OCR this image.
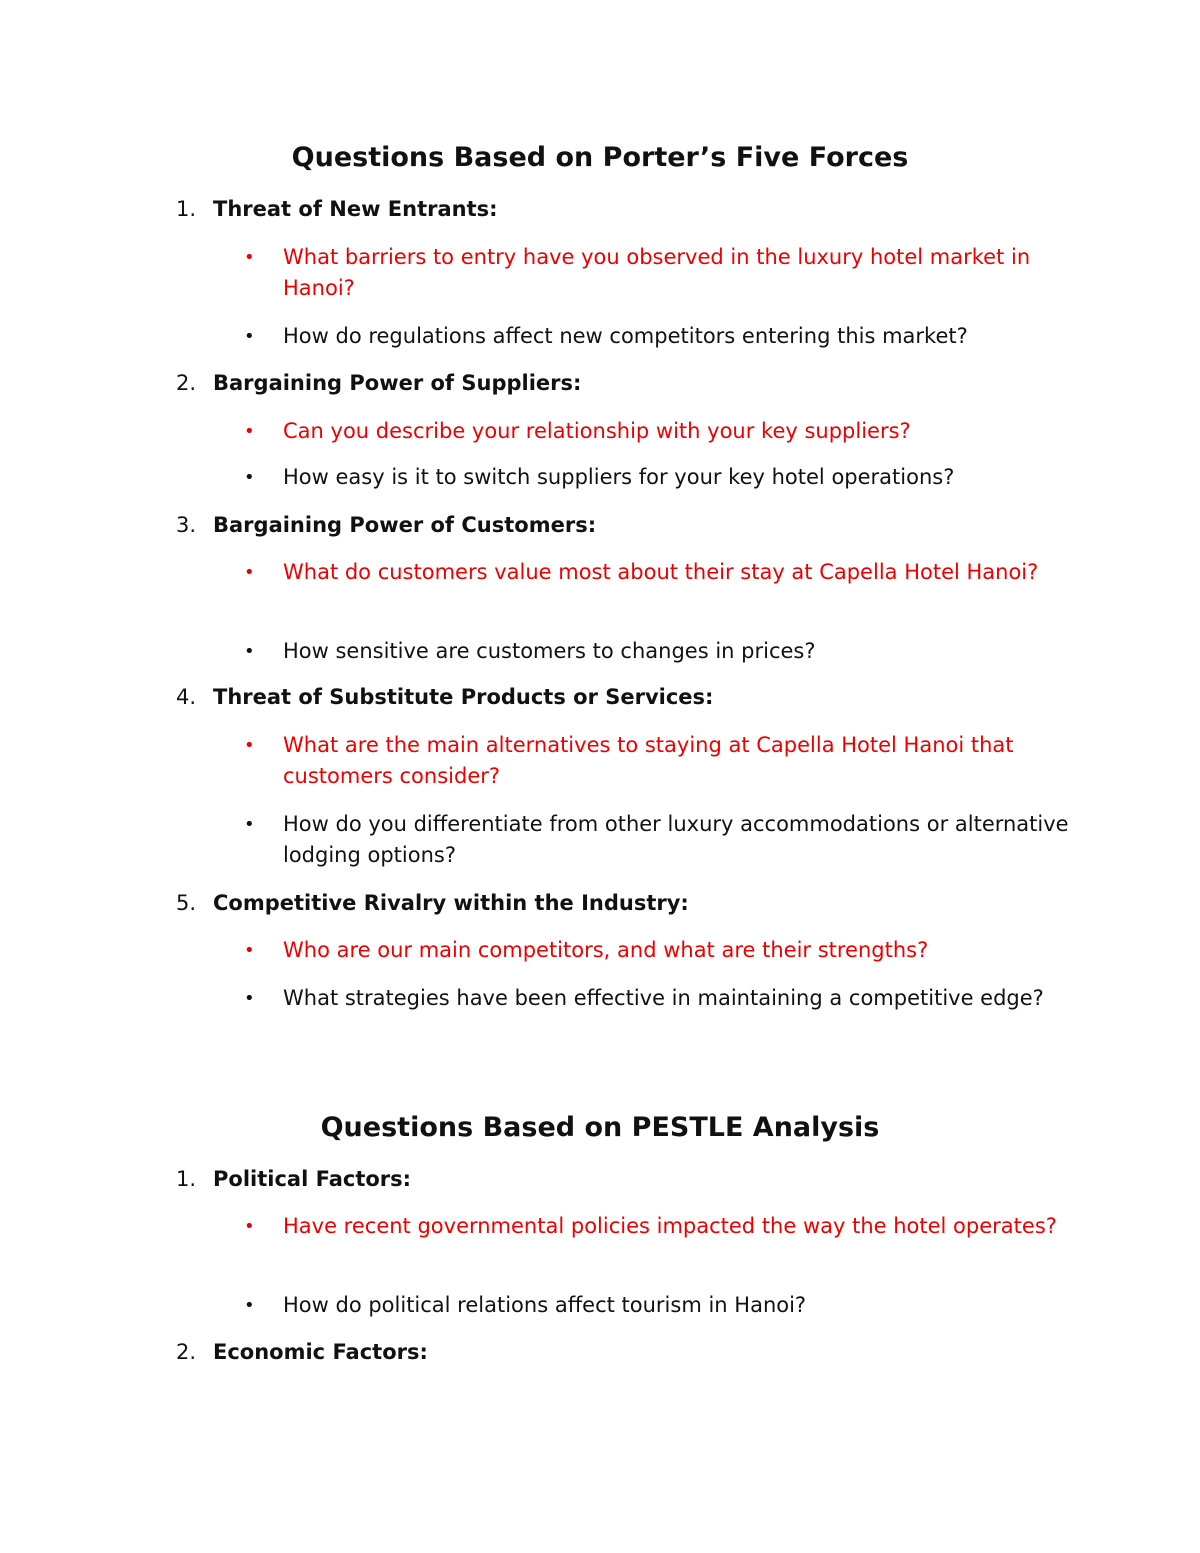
Questions Based on Porter’s Five Forces
1. Threat of New Entrants:
•	What barriers to entry have you observed in the luxury hotel market in Hanoi?
•	How do regulations affect new competitors entering this market?
2. Bargaining Power of Suppliers:
•	Can you describe your relationship with your key suppliers?
•	How easy is it to switch suppliers for your key hotel operations?
3. Bargaining Power of Customers:
•	What do customers value most about their stay at Capella Hotel Hanoi?
•	How sensitive are customers to changes in prices?
4. Threat of Substitute Products or Services:
•	What are the main alternatives to staying at Capella Hotel Hanoi that customers consider?
•	How do you differentiate from other luxury accommodations or alternative lodging options?
5. Competitive Rivalry within the Industry:
•	Who are our main competitors, and what are their strengths?
•	What strategies have been effective in maintaining a competitive edge?
Questions Based on PESTLE Analysis
1. Political Factors:
•	Have recent governmental policies impacted the way the hotel operates?
•	How do political relations affect tourism in Hanoi?
2. Economic Factors:
